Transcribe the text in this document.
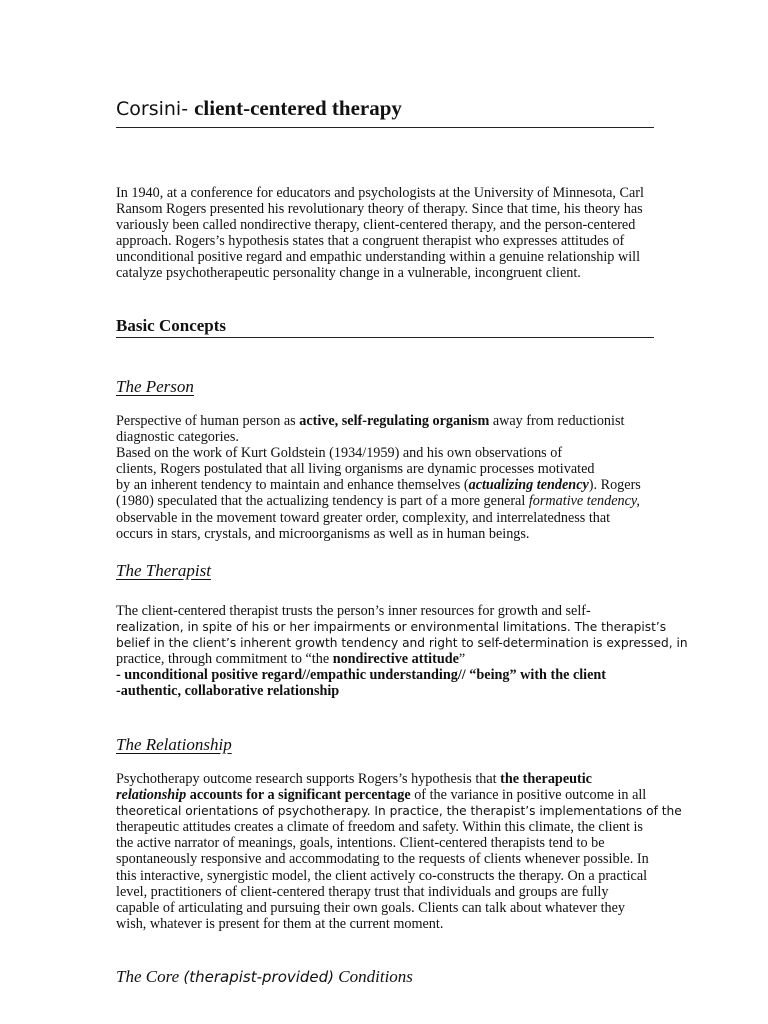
Corsini- client-centered therapy
In 1940, at a conference for educators and psychologists at the University of Minnesota, Carl
Ransom Rogers presented his revolutionary theory of therapy. Since that time, his theory has
variously been called nondirective therapy, client-centered therapy, and the person-centered
approach. Rogers’s hypothesis states that a congruent therapist who expresses attitudes of
unconditional positive regard and empathic understanding within a genuine relationship will
catalyze psychotherapeutic personality change in a vulnerable, incongruent client.
Basic Concepts
The Person
Perspective of human person as active, self-regulating organism away from reductionist
diagnostic categories.
Based on the work of Kurt Goldstein (1934/1959) and his own observations of
clients, Rogers postulated that all living organisms are dynamic processes motivated
by an inherent tendency to maintain and enhance themselves (actualizing tendency). Rogers
(1980) speculated that the actualizing tendency is part of a more general formative tendency,
observable in the movement toward greater order, complexity, and interrelatedness that
occurs in stars, crystals, and microorganisms as well as in human beings.
The Therapist
The client-centered therapist trusts the person’s inner resources for growth and self-
realization, in spite of his or her impairments or environmental limitations. The therapist’s
belief in the client’s inherent growth tendency and right to self-determination is expressed, in
practice, through commitment to “the nondirective attitude”
- unconditional positive regard//empathic understanding// “being” with the client
-authentic, collaborative relationship
The Relationship
Psychotherapy outcome research supports Rogers’s hypothesis that the therapeutic
relationship accounts for a significant percentage of the variance in positive outcome in all
theoretical orientations of psychotherapy. In practice, the therapist’s implementations of the
therapeutic attitudes creates a climate of freedom and safety. Within this climate, the client is
the active narrator of meanings, goals, intentions. Client-centered therapists tend to be
spontaneously responsive and accommodating to the requests of clients whenever possible. In
this interactive, synergistic model, the client actively co-constructs the therapy. On a practical
level, practitioners of client-centered therapy trust that individuals and groups are fully
capable of articulating and pursuing their own goals. Clients can talk about whatever they
wish, whatever is present for them at the current moment.
The Core (therapist-provided) Conditions
